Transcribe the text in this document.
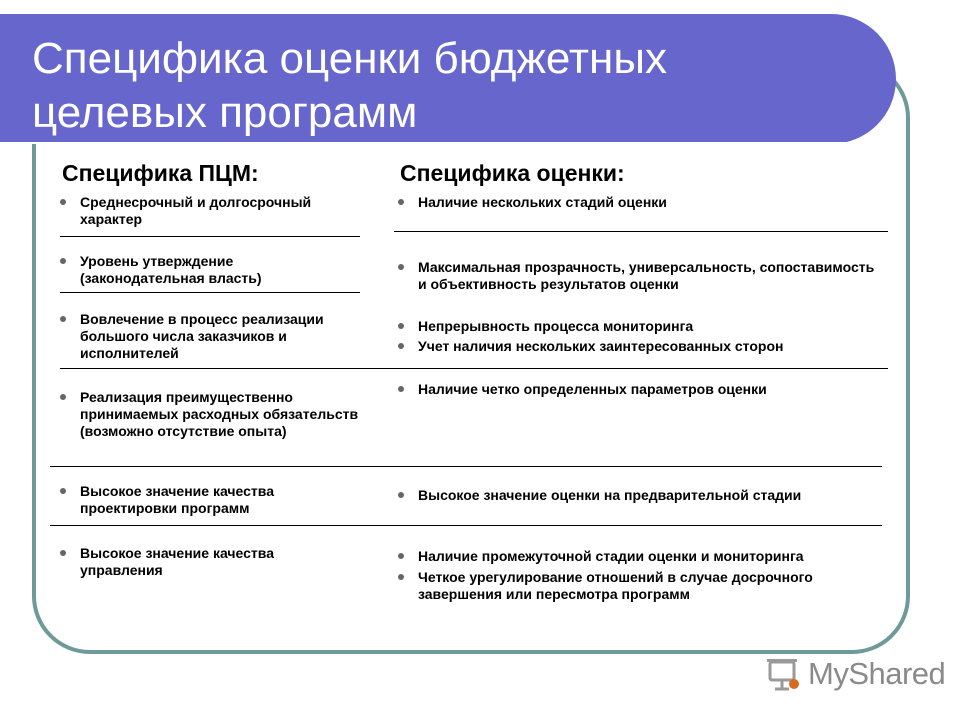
Специфика оценки бюджетных целевых программ
Специфика ПЦМ:
Среднесрочный и долгосрочный характер
Уровень утверждение (законодательная власть)
Вовлечение в процесс реализации большого числа заказчиков и исполнителей
Реализация преимущественно принимаемых расходных обязательств (возможно отсутствие опыта)
Высокое значение качества проектировки программ
Высокое значение качества управления
Специфика оценки:
Наличие нескольких стадий оценки
Максимальная прозрачность, универсальность, сопоставимость и объективность результатов оценки
Непрерывность процесса мониторинга
Учет наличия нескольких заинтересованных сторон
Наличие четко определенных параметров оценки
Высокое значение оценки на предварительной стадии
Наличие промежуточной стадии оценки и мониторинга
Четкое урегулирование отношений в случае досрочного завершения или пересмотра программ
MyShared
